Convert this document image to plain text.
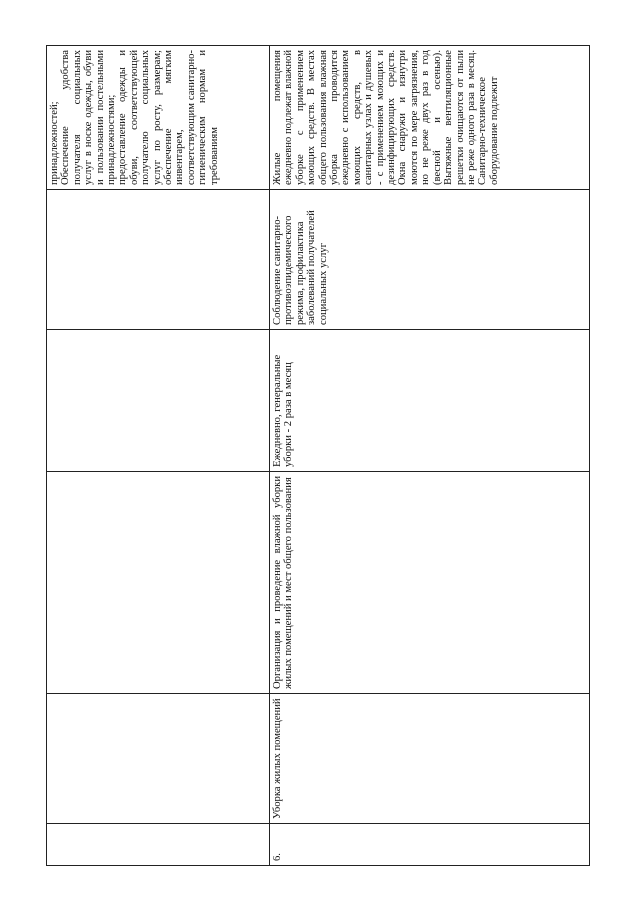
					принадлежностей; Обеспечение удобства получателя социальных услуг в носке одежды, обуви и пользовании постельными принадлежностями; предоставление одежды и обуви, соответствующей получателю социальных услуг по росту, размерам; обеспечение мягким инвентарем, соответствующим санитарно-гигиеническим нормам и требованиям
6.	Уборка жилых помещений	Организация и проведение влажной уборки жилых помещений и мест общего пользования	Ежедневно, генеральные уборки - 2 раза в месяц	Соблюдение санитарно-противоэпидемического режима, профилактика заболеваний получателей социальных услуг	Жилые помещения ежедневно подлежат влажной уборке с применением моющих средств. В местах общего пользования влажная уборка проводится ежедневно с использованием моющих средств, в санитарных узлах и душевых - с применением моющих и дезинфицирующих средств. Окна снаружи и изнутри моются по мере загрязнения, но не реже двух раз в год (весной и осенью). Вытяжные вентиляционные решетки очищаются от пыли не реже одного раза в месяц. Санитарно-техническое оборудование подлежит
